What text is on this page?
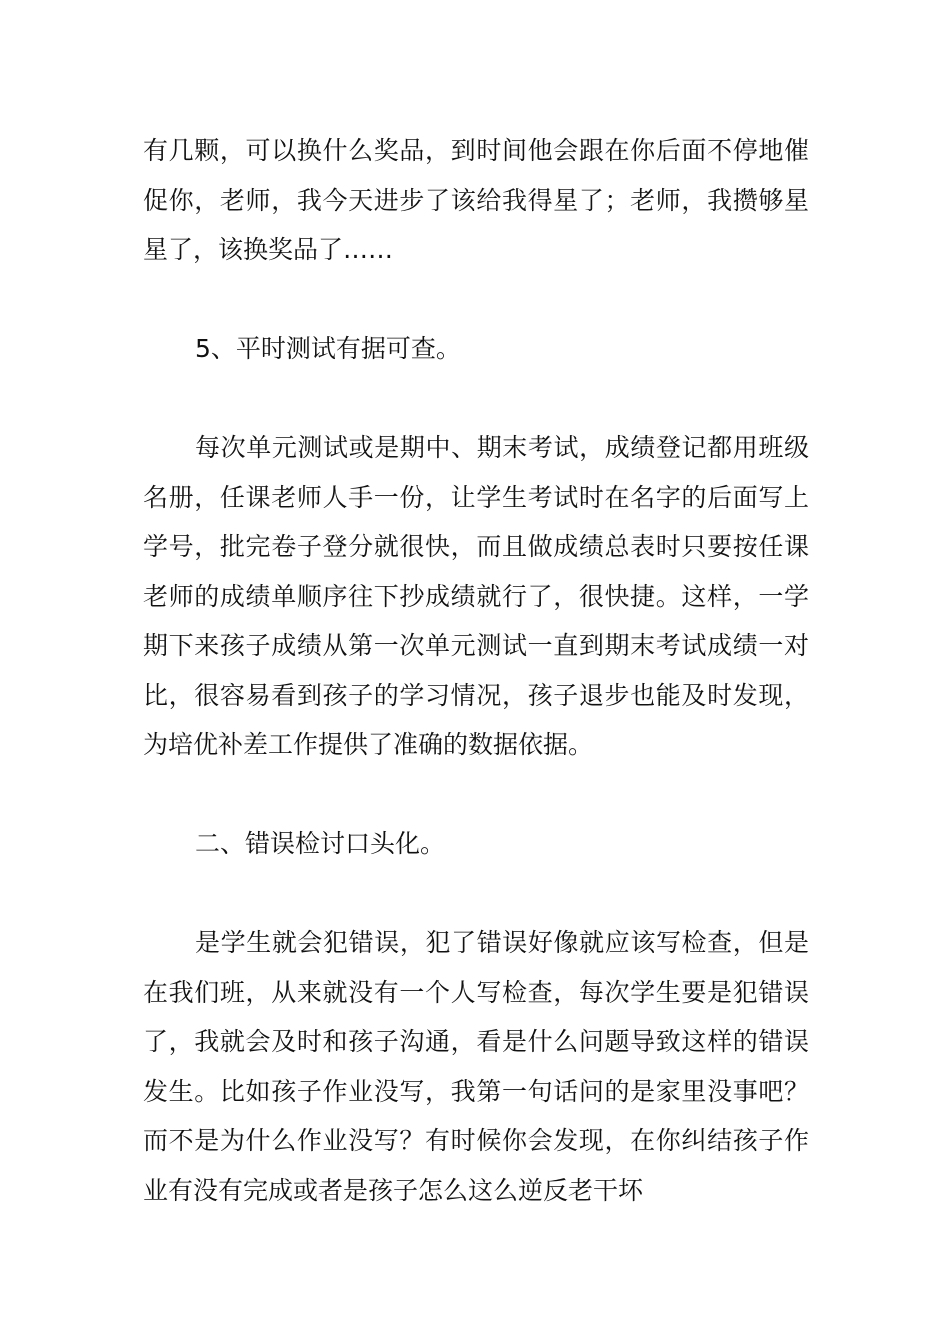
有几颗，可以换什么奖品，到时间他会跟在你后面不停地催促你，老师，我今天进步了该给我得星了；老师，我攒够星星了，该换奖品了……

5、平时测试有据可查。

每次单元测试或是期中、期末考试，成绩登记都用班级名册，任课老师人手一份，让学生考试时在名字的后面写上学号，批完卷子登分就很快，而且做成绩总表时只要按任课老师的成绩单顺序往下抄成绩就行了，很快捷。这样，一学期下来孩子成绩从第一次单元测试一直到期末考试成绩一对比，很容易看到孩子的学习情况，孩子退步也能及时发现，为培优补差工作提供了准确的数据依据。

二、错误检讨口头化。

是学生就会犯错误，犯了错误好像就应该写检查，但是在我们班，从来就没有一个人写检查，每次学生要是犯错误了，我就会及时和孩子沟通，看是什么问题导致这样的错误发生。比如孩子作业没写，我第一句话问的是家里没事吧？而不是为什么作业没写？有时候你会发现，在你纠结孩子作业有没有完成或者是孩子怎么这么逆反老干坏
